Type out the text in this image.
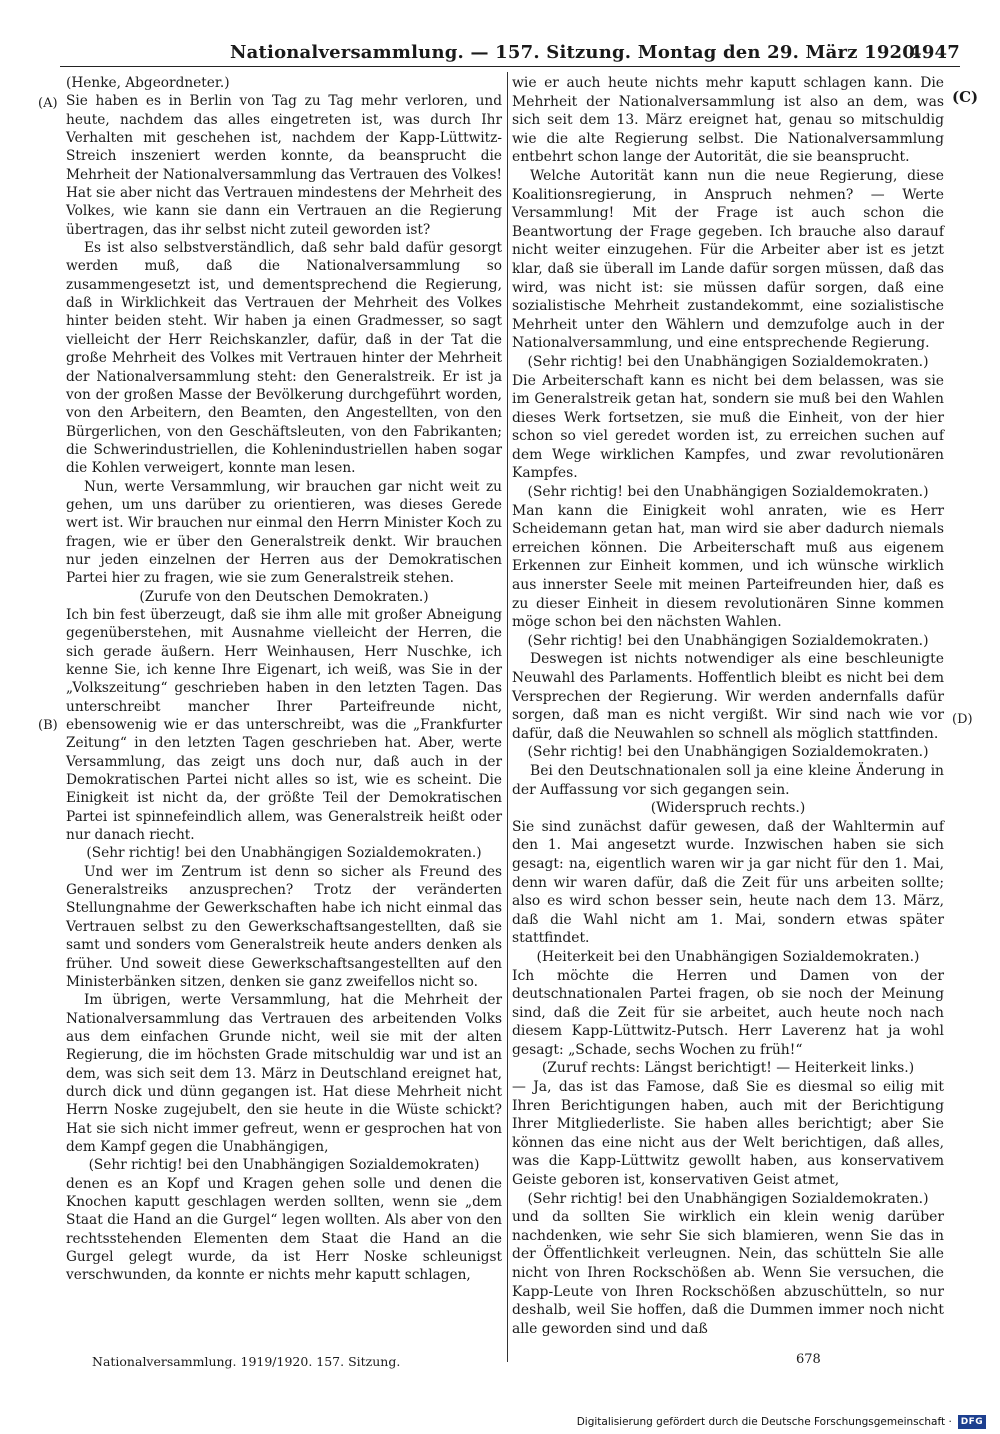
Nationalversammlung. — 157. Sitzung. Montag den 29. März 1920.
4947
(A)
(B)
(C)
(D)

(Henke, Abgeordneter.)

Sie haben es in Berlin von Tag zu Tag mehr verloren, und heute, nachdem das alles eingetreten ist, was durch Ihr Verhalten mit geschehen ist, nachdem der Kapp-Lüttwitz-Streich inszeniert werden konnte, da beansprucht die Mehrheit der Nationalversammlung das Vertrauen des Volkes! Hat sie aber nicht das Vertrauen mindestens der Mehrheit des Volkes, wie kann sie dann ein Vertrauen an die Regierung übertragen, das ihr selbst nicht zuteil geworden ist?

Es ist also selbstverständlich, daß sehr bald dafür gesorgt werden muß, daß die Nationalversammlung so zusammengesetzt ist, und dementsprechend die Regierung, daß in Wirklichkeit das Vertrauen der Mehrheit des Volkes hinter beiden steht. Wir haben ja einen Gradmesser, so sagt vielleicht der Herr Reichskanzler, dafür, daß in der Tat die große Mehrheit des Volkes mit Vertrauen hinter der Mehrheit der Nationalversammlung steht: den Generalstreik. Er ist ja von der großen Masse der Bevölkerung durchgeführt worden, von den Arbeitern, den Beamten, den Angestellten, von den Bürgerlichen, von den Geschäftsleuten, von den Fabrikanten; die Schwerindustriellen, die Kohlenindustriellen haben sogar die Kohlen verweigert, konnte man lesen.

Nun, werte Versammlung, wir brauchen gar nicht weit zu gehen, um uns darüber zu orientieren, was dieses Gerede wert ist. Wir brauchen nur einmal den Herrn Minister Koch zu fragen, wie er über den Generalstreik denkt. Wir brauchen nur jeden einzelnen der Herren aus der Demokratischen Partei hier zu fragen, wie sie zum Generalstreik stehen.

(Zurufe von den Deutschen Demokraten.)

Ich bin fest überzeugt, daß sie ihm alle mit großer Abneigung gegenüberstehen, mit Ausnahme vielleicht der Herren, die sich gerade äußern. Herr Weinhausen, Herr Nuschke, ich kenne Sie, ich kenne Ihre Eigenart, ich weiß, was Sie in der „Volkszeitung“ geschrieben haben in den letzten Tagen. Das unterschreibt mancher Ihrer Parteifreunde nicht, ebensowenig wie er das unterschreibt, was die „Frankfurter Zeitung“ in den letzten Tagen geschrieben hat. Aber, werte Versammlung, das zeigt uns doch nur, daß auch in der Demokratischen Partei nicht alles so ist, wie es scheint. Die Einigkeit ist nicht da, der größte Teil der Demokratischen Partei ist spinnefeindlich allem, was Generalstreik heißt oder nur danach riecht.

(Sehr richtig! bei den Unabhängigen Sozialdemokraten.)

Und wer im Zentrum ist denn so sicher als Freund des Generalstreiks anzusprechen? Trotz der veränderten Stellungnahme der Gewerkschaften habe ich nicht einmal das Vertrauen selbst zu den Gewerkschaftsangestellten, daß sie samt und sonders vom Generalstreik heute anders denken als früher. Und soweit diese Gewerkschaftsangestellten auf den Ministerbänken sitzen, denken sie ganz zweifellos nicht so.

Im übrigen, werte Versammlung, hat die Mehrheit der Nationalversammlung das Vertrauen des arbeitenden Volks aus dem einfachen Grunde nicht, weil sie mit der alten Regierung, die im höchsten Grade mitschuldig war und ist an dem, was sich seit dem 13. März in Deutschland ereignet hat, durch dick und dünn gegangen ist. Hat diese Mehrheit nicht Herrn Noske zugejubelt, den sie heute in die Wüste schickt? Hat sie sich nicht immer gefreut, wenn er gesprochen hat von dem Kampf gegen die Unabhängigen,

(Sehr richtig! bei den Unabhängigen Sozialdemokraten)

denen es an Kopf und Kragen gehen solle und denen die Knochen kaputt geschlagen werden sollten, wenn sie „dem Staat die Hand an die Gurgel“ legen wollten. Als aber von den rechtsstehenden Elementen dem Staat die Hand an die Gurgel gelegt wurde, da ist Herr Noske schleunigst verschwunden, da konnte er nichts mehr kaputt schlagen,

wie er auch heute nichts mehr kaputt schlagen kann. Die Mehrheit der Nationalversammlung ist also an dem, was sich seit dem 13. März ereignet hat, genau so mitschuldig wie die alte Regierung selbst. Die Nationalversammlung entbehrt schon lange der Autorität, die sie beansprucht.

Welche Autorität kann nun die neue Regierung, diese Koalitionsregierung, in Anspruch nehmen? — Werte Versammlung! Mit der Frage ist auch schon die Beantwortung der Frage gegeben. Ich brauche also darauf nicht weiter einzugehen. Für die Arbeiter aber ist es jetzt klar, daß sie überall im Lande dafür sorgen müssen, daß das wird, was nicht ist: sie müssen dafür sorgen, daß eine sozialistische Mehrheit zustandekommt, eine sozialistische Mehrheit unter den Wählern und demzufolge auch in der Nationalversammlung, und eine entsprechende Regierung.

(Sehr richtig! bei den Unabhängigen Sozialdemokraten.)

Die Arbeiterschaft kann es nicht bei dem belassen, was sie im Generalstreik getan hat, sondern sie muß bei den Wahlen dieses Werk fortsetzen, sie muß die Einheit, von der hier schon so viel geredet worden ist, zu erreichen suchen auf dem Wege wirklichen Kampfes, und zwar revolutionären Kampfes.

(Sehr richtig! bei den Unabhängigen Sozialdemokraten.)

Man kann die Einigkeit wohl anraten, wie es Herr Scheidemann getan hat, man wird sie aber dadurch niemals erreichen können. Die Arbeiterschaft muß aus eigenem Erkennen zur Einheit kommen, und ich wünsche wirklich aus innerster Seele mit meinen Parteifreunden hier, daß es zu dieser Einheit in diesem revolutionären Sinne kommen möge schon bei den nächsten Wahlen.

(Sehr richtig! bei den Unabhängigen Sozialdemokraten.)

Deswegen ist nichts notwendiger als eine beschleunigte Neuwahl des Parlaments. Hoffentlich bleibt es nicht bei dem Versprechen der Regierung. Wir werden andernfalls dafür sorgen, daß man es nicht vergißt. Wir sind nach wie vor dafür, daß die Neuwahlen so schnell als möglich stattfinden.

(Sehr richtig! bei den Unabhängigen Sozialdemokraten.)

Bei den Deutschnationalen soll ja eine kleine Änderung in der Auffassung vor sich gegangen sein.

(Widerspruch rechts.)

Sie sind zunächst dafür gewesen, daß der Wahltermin auf den 1. Mai angesetzt wurde. Inzwischen haben sie sich gesagt: na, eigentlich waren wir ja gar nicht für den 1. Mai, denn wir waren dafür, daß die Zeit für uns arbeiten sollte; also es wird schon besser sein, heute nach dem 13. März, daß die Wahl nicht am 1. Mai, sondern etwas später stattfindet.

(Heiterkeit bei den Unabhängigen Sozialdemokraten.)

Ich möchte die Herren und Damen von der deutschnationalen Partei fragen, ob sie noch der Meinung sind, daß die Zeit für sie arbeitet, auch heute noch nach diesem Kapp-Lüttwitz-Putsch. Herr Laverenz hat ja wohl gesagt: „Schade, sechs Wochen zu früh!“

(Zuruf rechts: Längst berichtigt! — Heiterkeit links.)

— Ja, das ist das Famose, daß Sie es diesmal so eilig mit Ihren Berichtigungen haben, auch mit der Berichtigung Ihrer Mitgliederliste. Sie haben alles berichtigt; aber Sie können das eine nicht aus der Welt berichtigen, daß alles, was die Kapp-Lüttwitz gewollt haben, aus konservativem Geiste geboren ist, konservativen Geist atmet,

(Sehr richtig! bei den Unabhängigen Sozialdemokraten.)

und da sollten Sie wirklich ein klein wenig darüber nachdenken, wie sehr Sie sich blamieren, wenn Sie das in der Öffentlichkeit verleugnen. Nein, das schütteln Sie alle nicht von Ihren Rockschößen ab. Wenn Sie versuchen, die Kapp-Leute von Ihren Rockschößen abzuschütteln, so nur deshalb, weil Sie hoffen, daß die Dummen immer noch nicht alle geworden sind und daß

Nationalversammlung. 1919/1920. 157. Sitzung.	678
Digitalisierung gefördert durch die Deutsche Forschungsgemeinschaft ·	DFG
